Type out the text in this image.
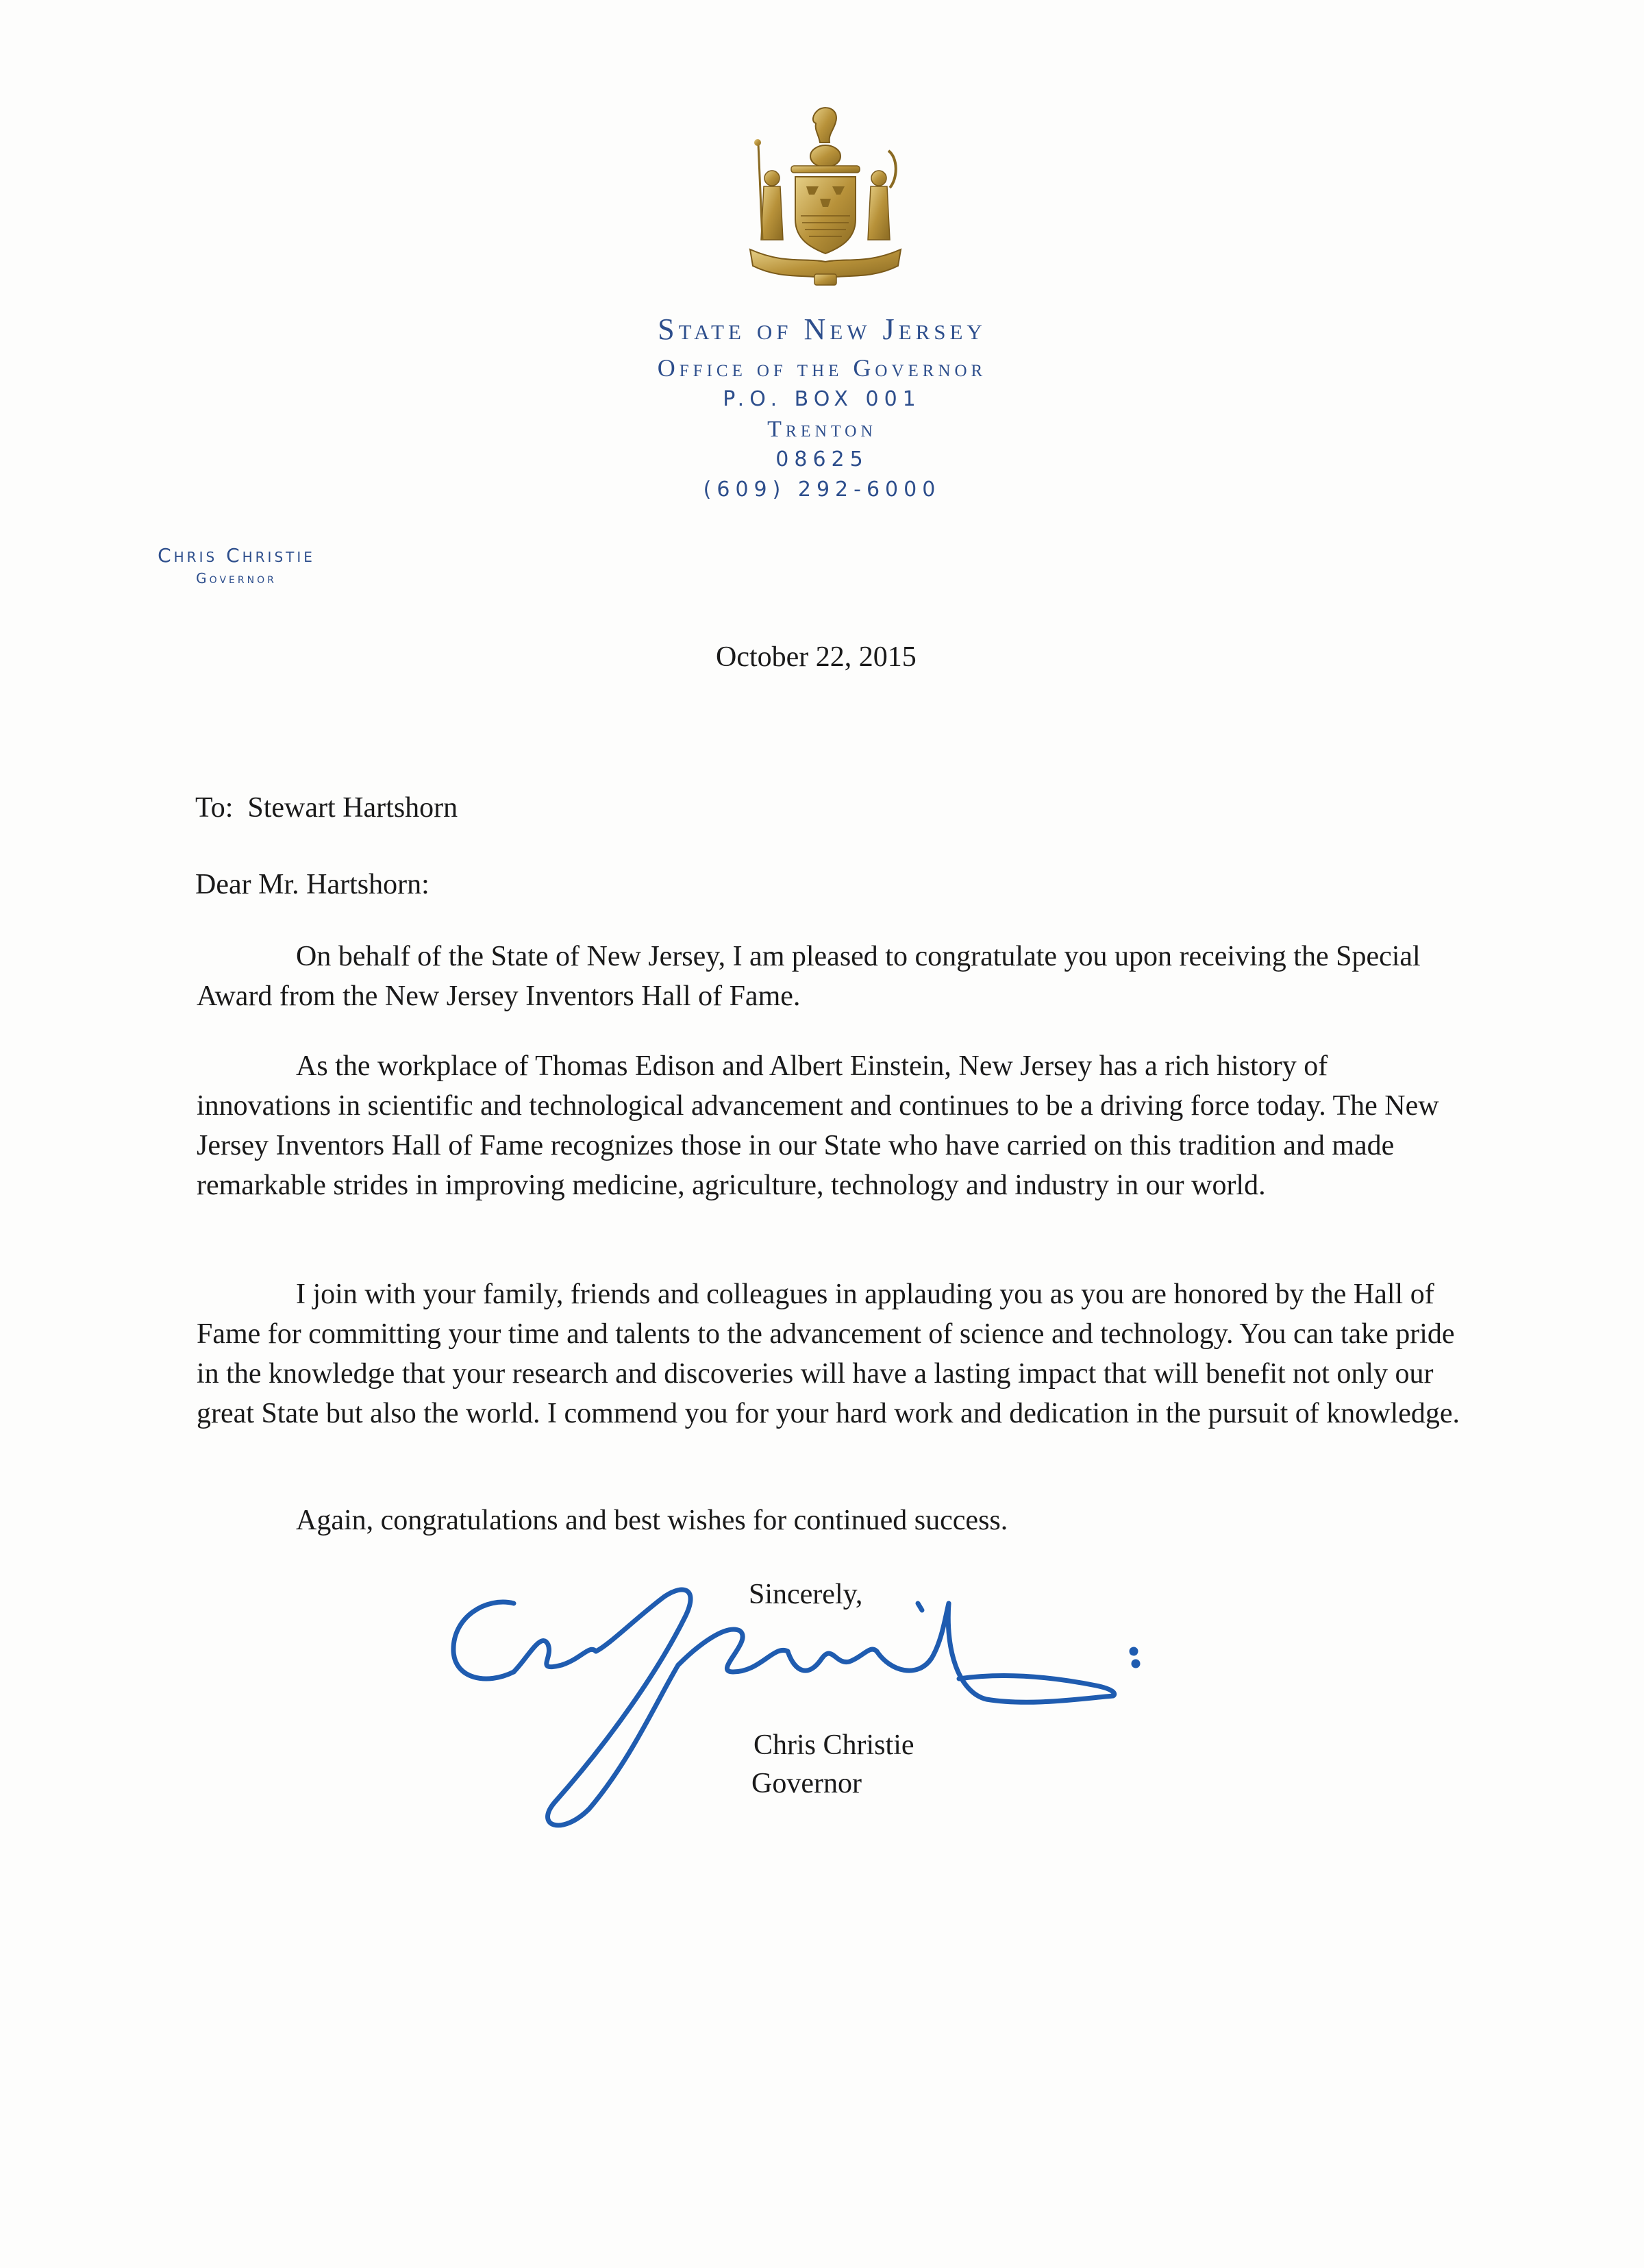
State of New Jersey
Office of the Governor
P.O. BOX 001
Trenton
08625
(609) 292-6000
Chris Christie
Governor
October 22, 2015
To:  Stewart Hartshorn
Dear Mr. Hartshorn:

On behalf of the State of New Jersey, I am pleased to congratulate you upon receiving the Special Award from the New Jersey Inventors Hall of Fame.

As the workplace of Thomas Edison and Albert Einstein, New Jersey has a rich history of innovations in scientific and technological advancement and continues to be a driving force today. The New Jersey Inventors Hall of Fame recognizes those in our State who have carried on this tradition and made remarkable strides in improving medicine, agriculture, technology and industry in our world.

I join with your family, friends and colleagues in applauding you as you are honored by the Hall of Fame for committing your time and talents to the advancement of science and technology. You can take pride in the knowledge that your research and discoveries will have a lasting impact that will benefit not only our great State but also the world. I commend you for your hard work and dedication in the pursuit of knowledge.

Again, congratulations and best wishes for continued success.

Sincerely,
Chris Christie
Governor
